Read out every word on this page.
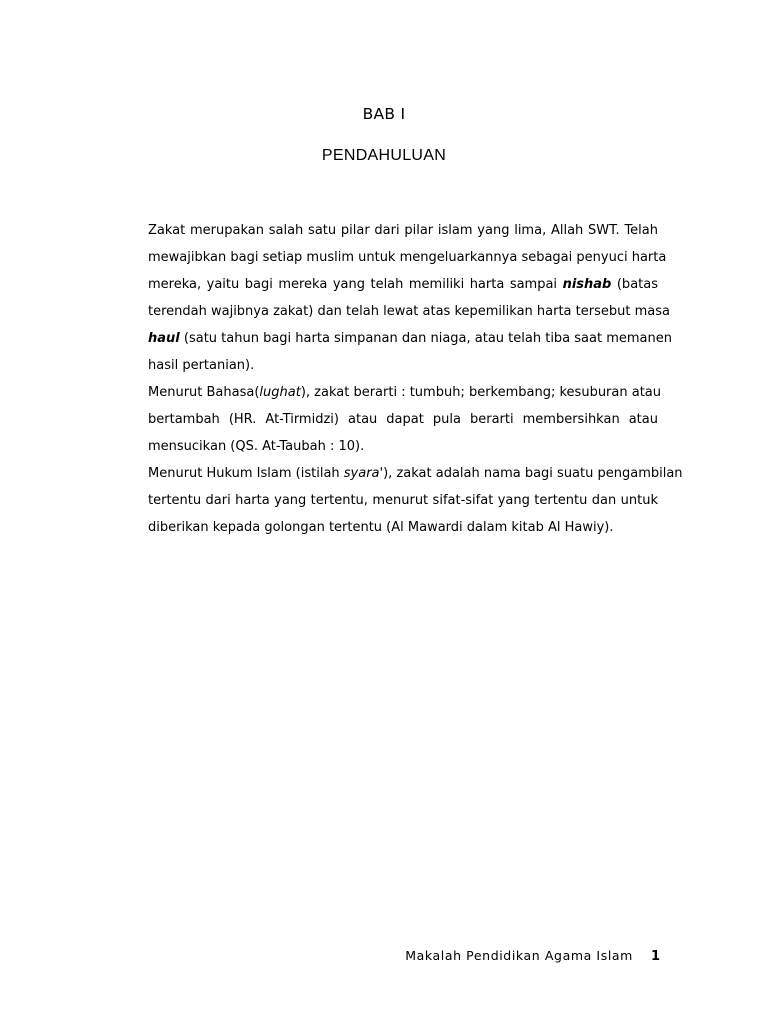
BAB I
PENDAHULUAN
Zakat merupakan salah satu pilar dari pilar islam yang lima, Allah SWT. Telah
mewajibkan bagi setiap muslim untuk mengeluarkannya sebagai penyuci harta
mereka, yaitu bagi mereka yang telah memiliki harta sampai nishab (batas
terendah wajibnya zakat) dan telah lewat atas kepemilikan harta tersebut masa
haul (satu tahun bagi harta simpanan dan niaga, atau telah tiba saat memanen
hasil pertanian).
Menurut Bahasa(lughat), zakat berarti : tumbuh; berkembang; kesuburan atau
bertambah (HR. At-Tirmidzi) atau dapat pula berarti membersihkan atau
mensucikan (QS. At-Taubah : 10).
Menurut Hukum Islam (istilah syara'), zakat adalah nama bagi suatu pengambilan
tertentu dari harta yang tertentu, menurut sifat-sifat yang tertentu dan untuk
diberikan kepada golongan tertentu (Al Mawardi dalam kitab Al Hawiy).
Makalah Pendidikan Agama Islam 1
